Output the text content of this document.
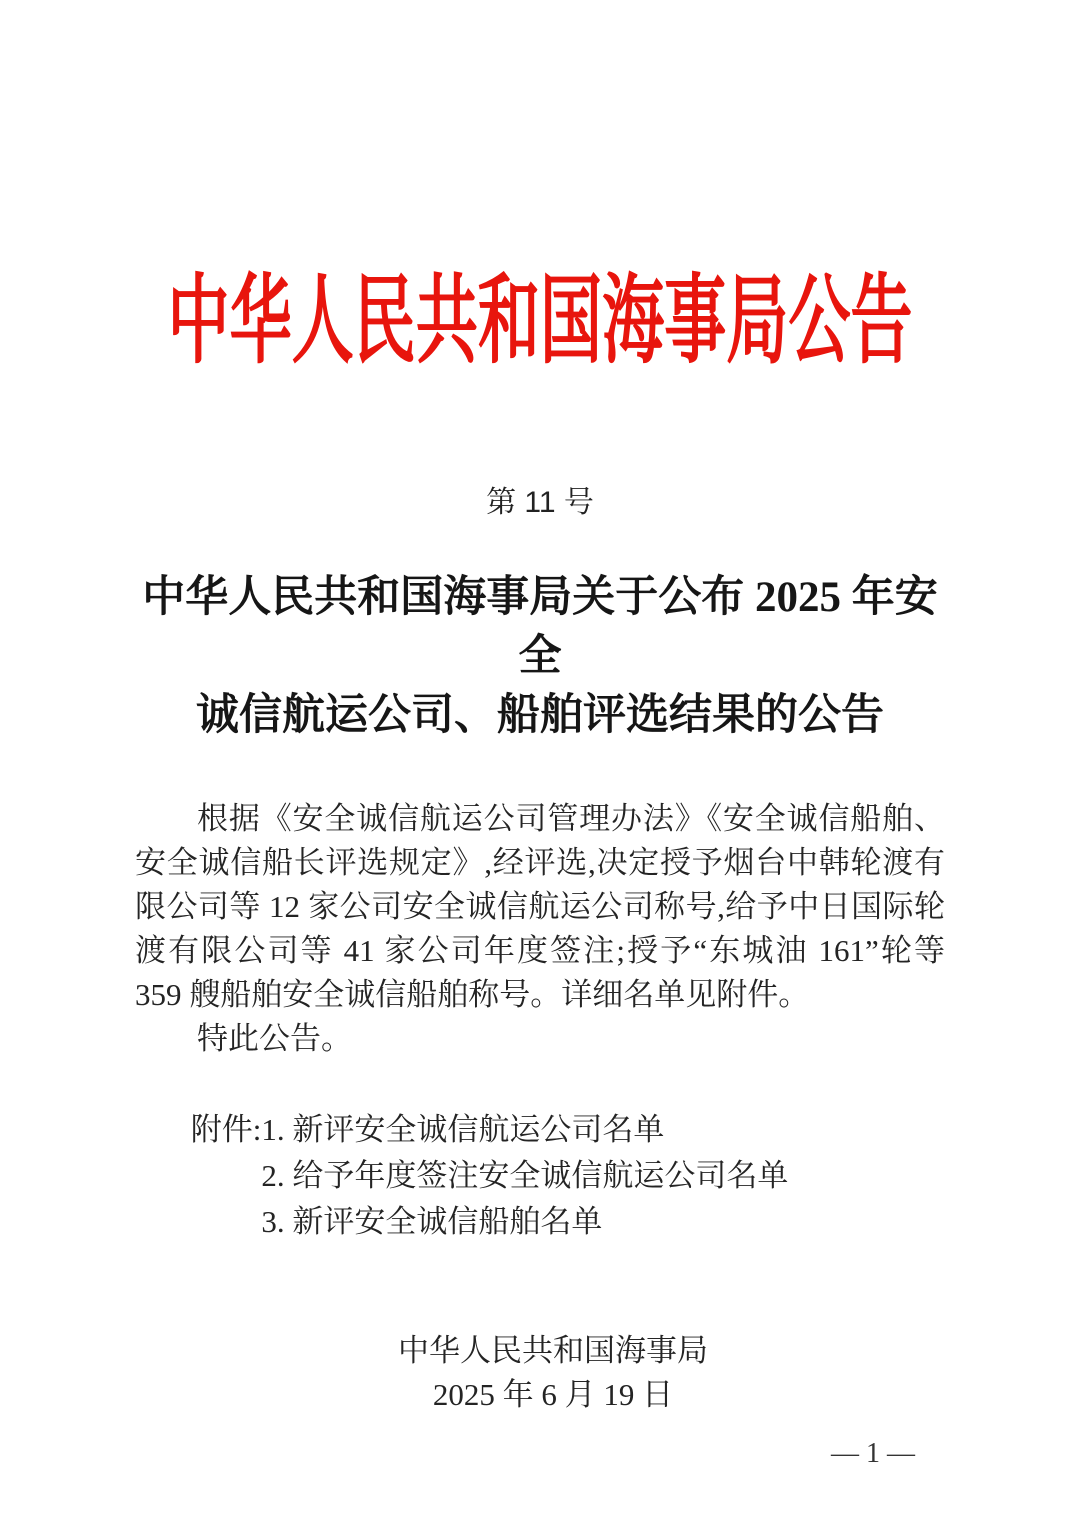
中华人民共和国海事局公告
第 11 号
中华人民共和国海事局关于公布 2025 年安全
诚信航运公司、船舶评选结果的公告

根据《安全诚信航运公司管理办法》《安全诚信船舶、安全诚信船长评选规定》,经评选,决定授予烟台中韩轮渡有限公司等 12 家公司安全诚信航运公司称号,给予中日国际轮渡有限公司等 41 家公司年度签注;授予“东城油 161”轮等 359 艘船舶安全诚信船舶称号。详细名单见附件。

特此公告。

附件: 1. 新评安全诚信航运公司名单
2. 给予年度签注安全诚信航运公司名单
3. 新评安全诚信船舶名单
中华人民共和国海事局
2025 年 6 月 19 日
— 1 —
